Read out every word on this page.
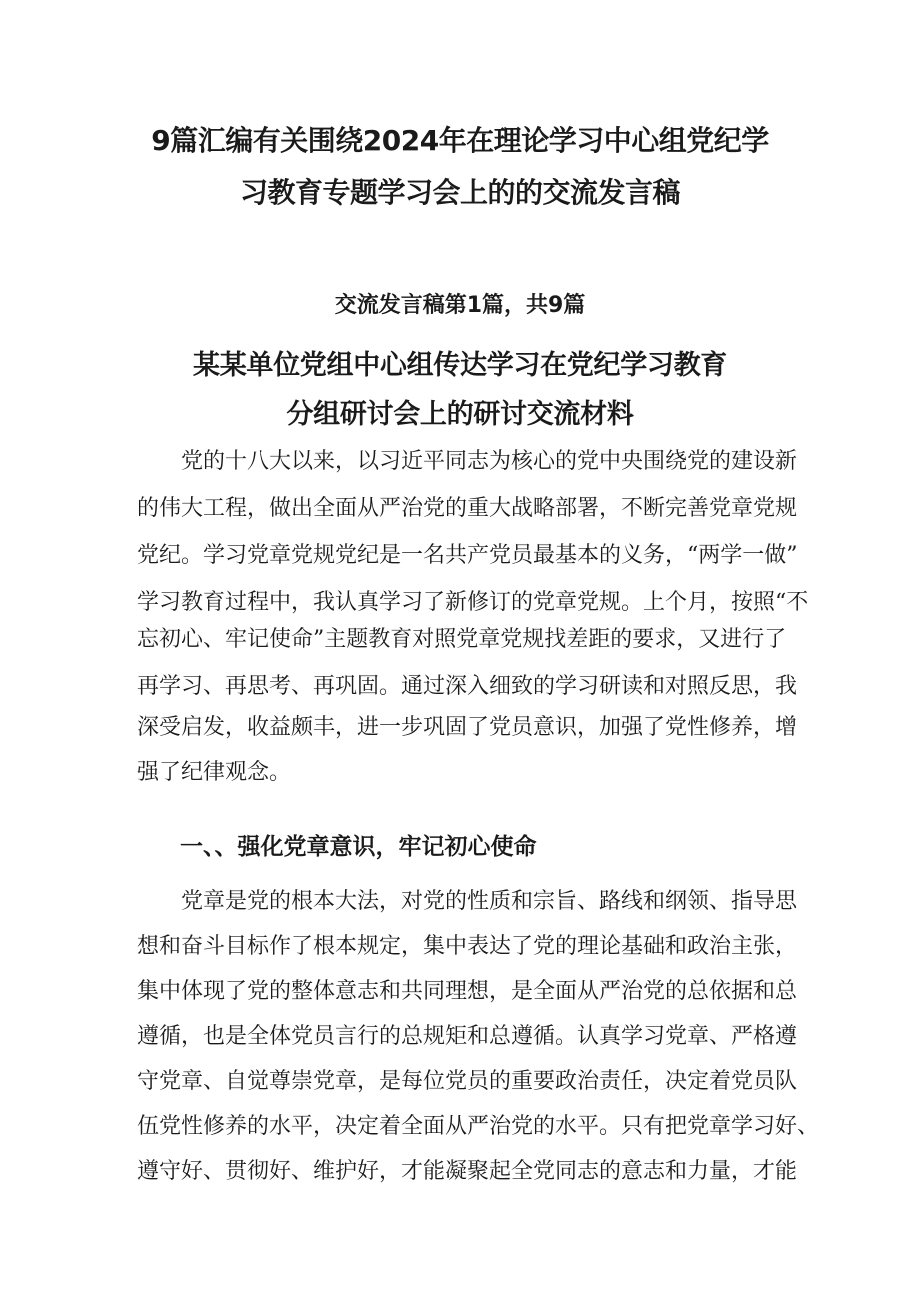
9篇汇编有关围绕2024年在理论学习中心组党纪学
习教育专题学习会上的的交流发言稿
交流发言稿第1篇，共9篇
某某单位党组中心组传达学习在党纪学习教育
分组研讨会上的研讨交流材料

党的十八大以来，以习近平同志为核心的党中央围绕党的建设新

的伟大工程，做出全面从严治党的重大战略部署，不断完善党章党规

党纪。学习党章党规党纪是一名共产党员最基本的义务，“两学一做”

学习教育过程中，我认真学习了新修订的党章党规。上个月，按照“不

忘初心、牢记使命”主题教育对照党章党规找差距的要求，又进行了

再学习、再思考、再巩固。通过深入细致的学习研读和对照反思，我

深受启发，收益颇丰，进一步巩固了党员意识，加强了党性修养，增

强了纪律观念。

一、、强化党章意识，牢记初心使命

党章是党的根本大法，对党的性质和宗旨、路线和纲领、指导思

想和奋斗目标作了根本规定，集中表达了党的理论基础和政治主张，

集中体现了党的整体意志和共同理想，是全面从严治党的总依据和总

遵循，也是全体党员言行的总规矩和总遵循。认真学习党章、严格遵

守党章、自觉尊崇党章，是每位党员的重要政治责任，决定着党员队

伍党性修养的水平，决定着全面从严治党的水平。只有把党章学习好、

遵守好、贯彻好、维护好，才能凝聚起全党同志的意志和力量，才能
